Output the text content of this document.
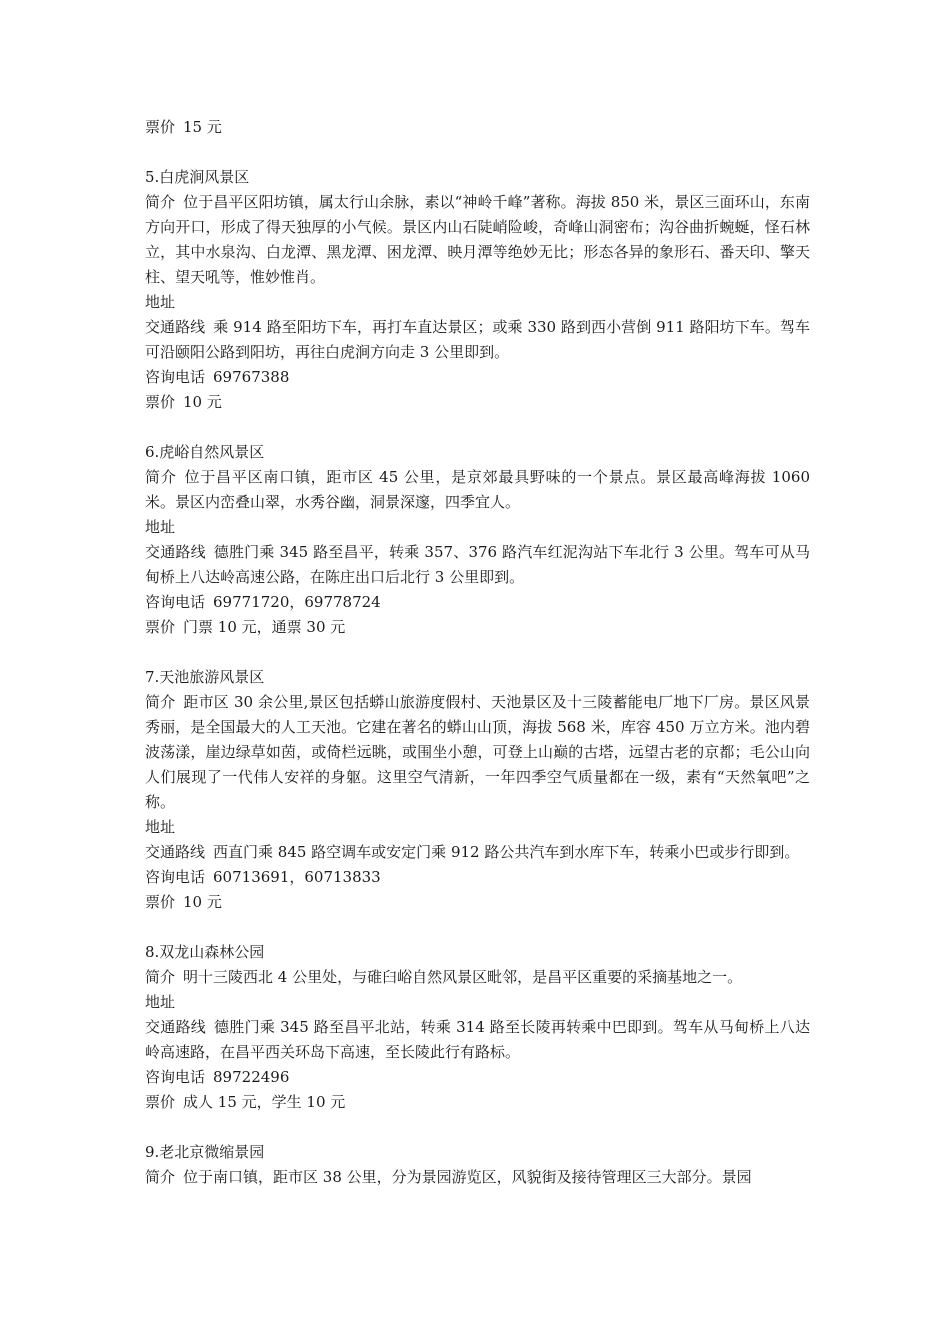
票价 15 元

5.白虎涧风景区

简介 位于昌平区阳坊镇，属太行山余脉，素以“神岭千峰”著称。海拔 850 米，景区三面环山，东南方向开口，形成了得天独厚的小气候。景区内山石陡峭险峻，奇峰山洞密布；沟谷曲折蜿蜒，怪石林立，其中水泉沟、白龙潭、黑龙潭、困龙潭、映月潭等绝妙无比；形态各异的象形石、番天印、擎天柱、望天吼等，惟妙惟肖。

地址

交通路线 乘 914 路至阳坊下车，再打车直达景区；或乘 330 路到西小营倒 911 路阳坊下车。驾车可沿颐阳公路到阳坊，再往白虎涧方向走 3 公里即到。

咨询电话 69767388

票价 10 元

6.虎峪自然风景区

简介 位于昌平区南口镇，距市区 45 公里，是京郊最具野味的一个景点。景区最高峰海拔 1060 米。景区内峦叠山翠，水秀谷幽，洞景深邃，四季宜人。

地址

交通路线 德胜门乘 345 路至昌平，转乘 357、376 路汽车红泥沟站下车北行 3 公里。驾车可从马甸桥上八达岭高速公路，在陈庄出口后北行 3 公里即到。

咨询电话 69771720，69778724

票价 门票 10 元，通票 30 元

7.天池旅游风景区

简介 距市区 30 余公里,景区包括蟒山旅游度假村、天池景区及十三陵蓄能电厂地下厂房。景区风景秀丽，是全国最大的人工天池。它建在著名的蟒山山顶，海拔 568 米，库容 450 万立方米。池内碧波荡漾，崖边绿草如茵，或倚栏远眺，或围坐小憩，可登上山巅的古塔，远望古老的京都；毛公山向人们展现了一代伟人安祥的身躯。这里空气清新，一年四季空气质量都在一级，素有“天然氧吧”之称。

地址

交通路线 西直门乘 845 路空调车或安定门乘 912 路公共汽车到水库下车，转乘小巴或步行即到。

咨询电话 60713691，60713833

票价 10 元

8.双龙山森林公园

简介 明十三陵西北 4 公里处，与碓臼峪自然风景区毗邻，是昌平区重要的采摘基地之一。

地址

交通路线 德胜门乘 345 路至昌平北站，转乘 314 路至长陵再转乘中巴即到。驾车从马甸桥上八达岭高速路，在昌平西关环岛下高速，至长陵此行有路标。

咨询电话 89722496

票价 成人 15 元，学生 10 元

9.老北京微缩景园

简介 位于南口镇，距市区 38 公里，分为景园游览区，风貌街及接待管理区三大部分。景园
